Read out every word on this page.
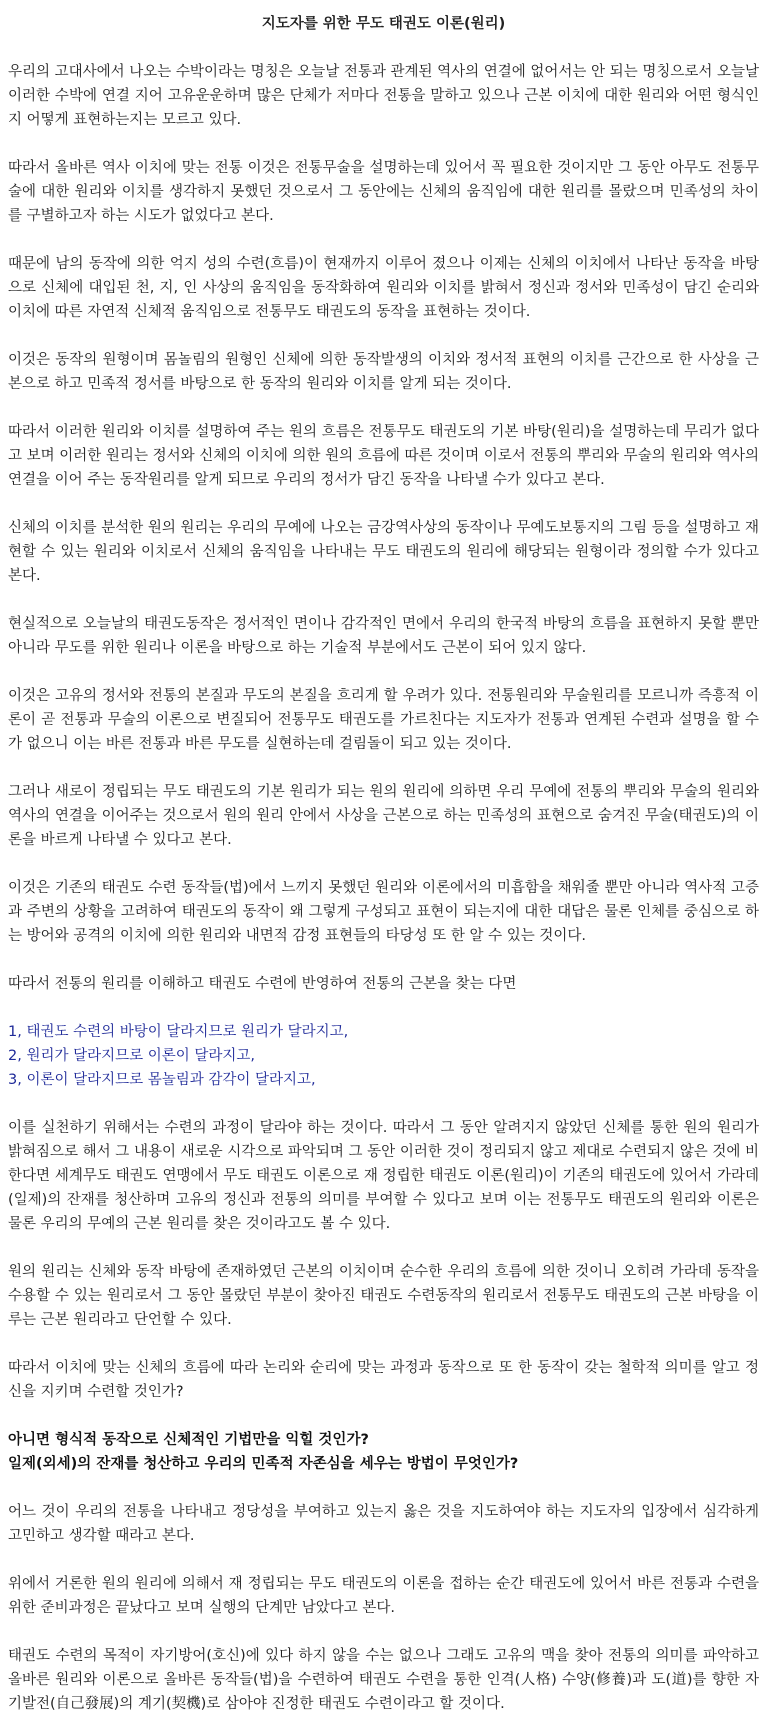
지도자를 위한 무도 태권도 이론(원리)

우리의 고대사에서 나오는 수박이라는 명칭은 오늘날 전통과 관계된 역사의 연결에 없어서는 안 되는 명칭으로서 오늘날 이러한 수박에 연결 지어 고유운운하며 많은 단체가 저마다 전통을 말하고 있으나 근본 이치에 대한 원리와 어떤 형식인지 어떻게 표현하는지는 모르고 있다.

따라서 올바른 역사 이치에 맞는 전통 이것은 전통무술을 설명하는데 있어서 꼭 필요한 것이지만 그 동안 아무도 전통무술에 대한 원리와 이치를 생각하지 못했던 것으로서 그 동안에는 신체의 움직임에 대한 원리를 몰랐으며 민족성의 차이를 구별하고자 하는 시도가 없었다고 본다.

때문에 남의 동작에 의한 억지 성의 수련(흐름)이 현재까지 이루어 졌으나 이제는 신체의 이치에서 나타난 동작을 바탕으로 신체에 대입된 천, 지, 인 사상의 움직임을 동작화하여 원리와 이치를 밝혀서 정신과 정서와 민족성이 담긴 순리와 이치에 따른 자연적 신체적 움직임으로 전통무도 태권도의 동작을 표현하는 것이다.

이것은 동작의 원형이며 몸놀림의 원형인 신체에 의한 동작발생의 이치와 정서적 표현의 이치를 근간으로 한 사상을 근본으로 하고 민족적 정서를 바탕으로 한 동작의 원리와 이치를 알게 되는 것이다.

따라서 이러한 원리와 이치를 설명하여 주는 원의 흐름은 전통무도 태권도의 기본 바탕(원리)을 설명하는데 무리가 없다고 보며 이러한 원리는 정서와 신체의 이치에 의한 원의 흐름에 따른 것이며 이로서 전통의 뿌리와 무술의 원리와 역사의 연결을 이어 주는 동작원리를 알게 되므로 우리의 정서가 담긴 동작을 나타낼 수가 있다고 본다.

신체의 이치를 분석한 원의 원리는 우리의 무예에 나오는 금강역사상의 동작이나 무예도보통지의 그림 등을 설명하고 재현할 수 있는 원리와 이치로서 신체의 움직임을 나타내는 무도 태권도의 원리에 해당되는 원형이라 정의할 수가 있다고 본다.

현실적으로 오늘날의 태권도동작은 정서적인 면이나 감각적인 면에서 우리의 한국적 바탕의 흐름을 표현하지 못할 뿐만 아니라 무도를 위한 원리나 이론을 바탕으로 하는 기술적 부분에서도 근본이 되어 있지 않다.

이것은 고유의 정서와 전통의 본질과 무도의 본질을 흐리게 할 우려가 있다. 전통원리와 무술원리를 모르니까 즉흥적 이론이 곧 전통과 무술의 이론으로 변질되어 전통무도 태권도를 가르친다는 지도자가 전통과 연계된 수련과 설명을 할 수가 없으니 이는 바른 전통과 바른 무도를 실현하는데 걸림돌이 되고 있는 것이다.

그러나 새로이 정립되는 무도 태권도의 기본 원리가 되는 원의 원리에 의하면 우리 무예에 전통의 뿌리와 무술의 원리와 역사의 연결을 이어주는 것으로서 원의 원리 안에서 사상을 근본으로 하는 민족성의 표현으로 숨겨진 무술(태권도)의 이론을 바르게 나타낼 수 있다고 본다.

이것은 기존의 태권도 수련 동작들(법)에서 느끼지 못했던 원리와 이론에서의 미흡함을 채워줄 뿐만 아니라 역사적 고증과 주변의 상황을 고려하여 태권도의 동작이 왜 그렇게 구성되고 표현이 되는지에 대한 대답은 물론 인체를 중심으로 하는 방어와 공격의 이치에 의한 원리와 내면적 감정 표현들의 타당성 또 한 알 수 있는 것이다.

따라서 전통의 원리를 이해하고 태권도 수련에 반영하여 전통의 근본을 찾는 다면

1, 태권도 수련의 바탕이 달라지므로 원리가 달라지고,
2, 원리가 달라지므로 이론이 달라지고,
3, 이론이 달라지므로 몸놀림과 감각이 달라지고,

이를 실천하기 위해서는 수련의 과정이 달라야 하는 것이다. 따라서 그 동안 알려지지 않았던 신체를 통한 원의 원리가 밝혀짐으로 해서 그 내용이 새로운 시각으로 파악되며 그 동안 이러한 것이 정리되지 않고 제대로 수련되지 않은 것에 비한다면 세계무도 태권도 연맹에서 무도 태권도 이론으로 재 정립한 태권도 이론(원리)이 기존의 태권도에 있어서 가라데(일제)의 잔재를 청산하며 고유의 정신과 전통의 의미를 부여할 수 있다고 보며 이는 전통무도 태권도의 원리와 이론은 물론 우리의 무예의 근본 원리를 찾은 것이라고도 볼 수 있다.

원의 원리는 신체와 동작 바탕에 존재하였던 근본의 이치이며 순수한 우리의 흐름에 의한 것이니 오히려 가라데 동작을 수용할 수 있는 원리로서 그 동안 몰랐던 부분이 찾아진 태권도 수련동작의 원리로서 전통무도 태권도의 근본 바탕을 이루는 근본 원리라고 단언할 수 있다.

따라서 이치에 맞는 신체의 흐름에 따라 논리와 순리에 맞는 과정과 동작으로 또 한 동작이 갖는 철학적 의미를 알고 정신을 지키며 수련할 것인가?

아니면 형식적 동작으로 신체적인 기법만을 익힐 것인가?
일제(외세)의 잔재를 청산하고 우리의 민족적 자존심을 세우는 방법이 무엇인가?

어느 것이 우리의 전통을 나타내고 정당성을 부여하고 있는지 옳은 것을 지도하여야 하는 지도자의 입장에서 심각하게 고민하고 생각할 때라고 본다.

위에서 거론한 원의 원리에 의해서 재 정립되는 무도 태권도의 이론을 접하는 순간 태권도에 있어서 바른 전통과 수련을 위한 준비과정은 끝났다고 보며 실행의 단계만 남았다고 본다.

태권도 수련의 목적이 자기방어(호신)에 있다 하지 않을 수는 없으나 그래도 고유의 맥을 찾아 전통의 의미를 파악하고 올바른 원리와 이론으로 올바른 동작들(법)을 수련하여 태권도 수련을 통한 인격(人格) 수양(修養)과 도(道)를 향한 자기발전(自己發展)의 계기(契機)로 삼아야 진정한 태권도 수련이라고 할 것이다.
